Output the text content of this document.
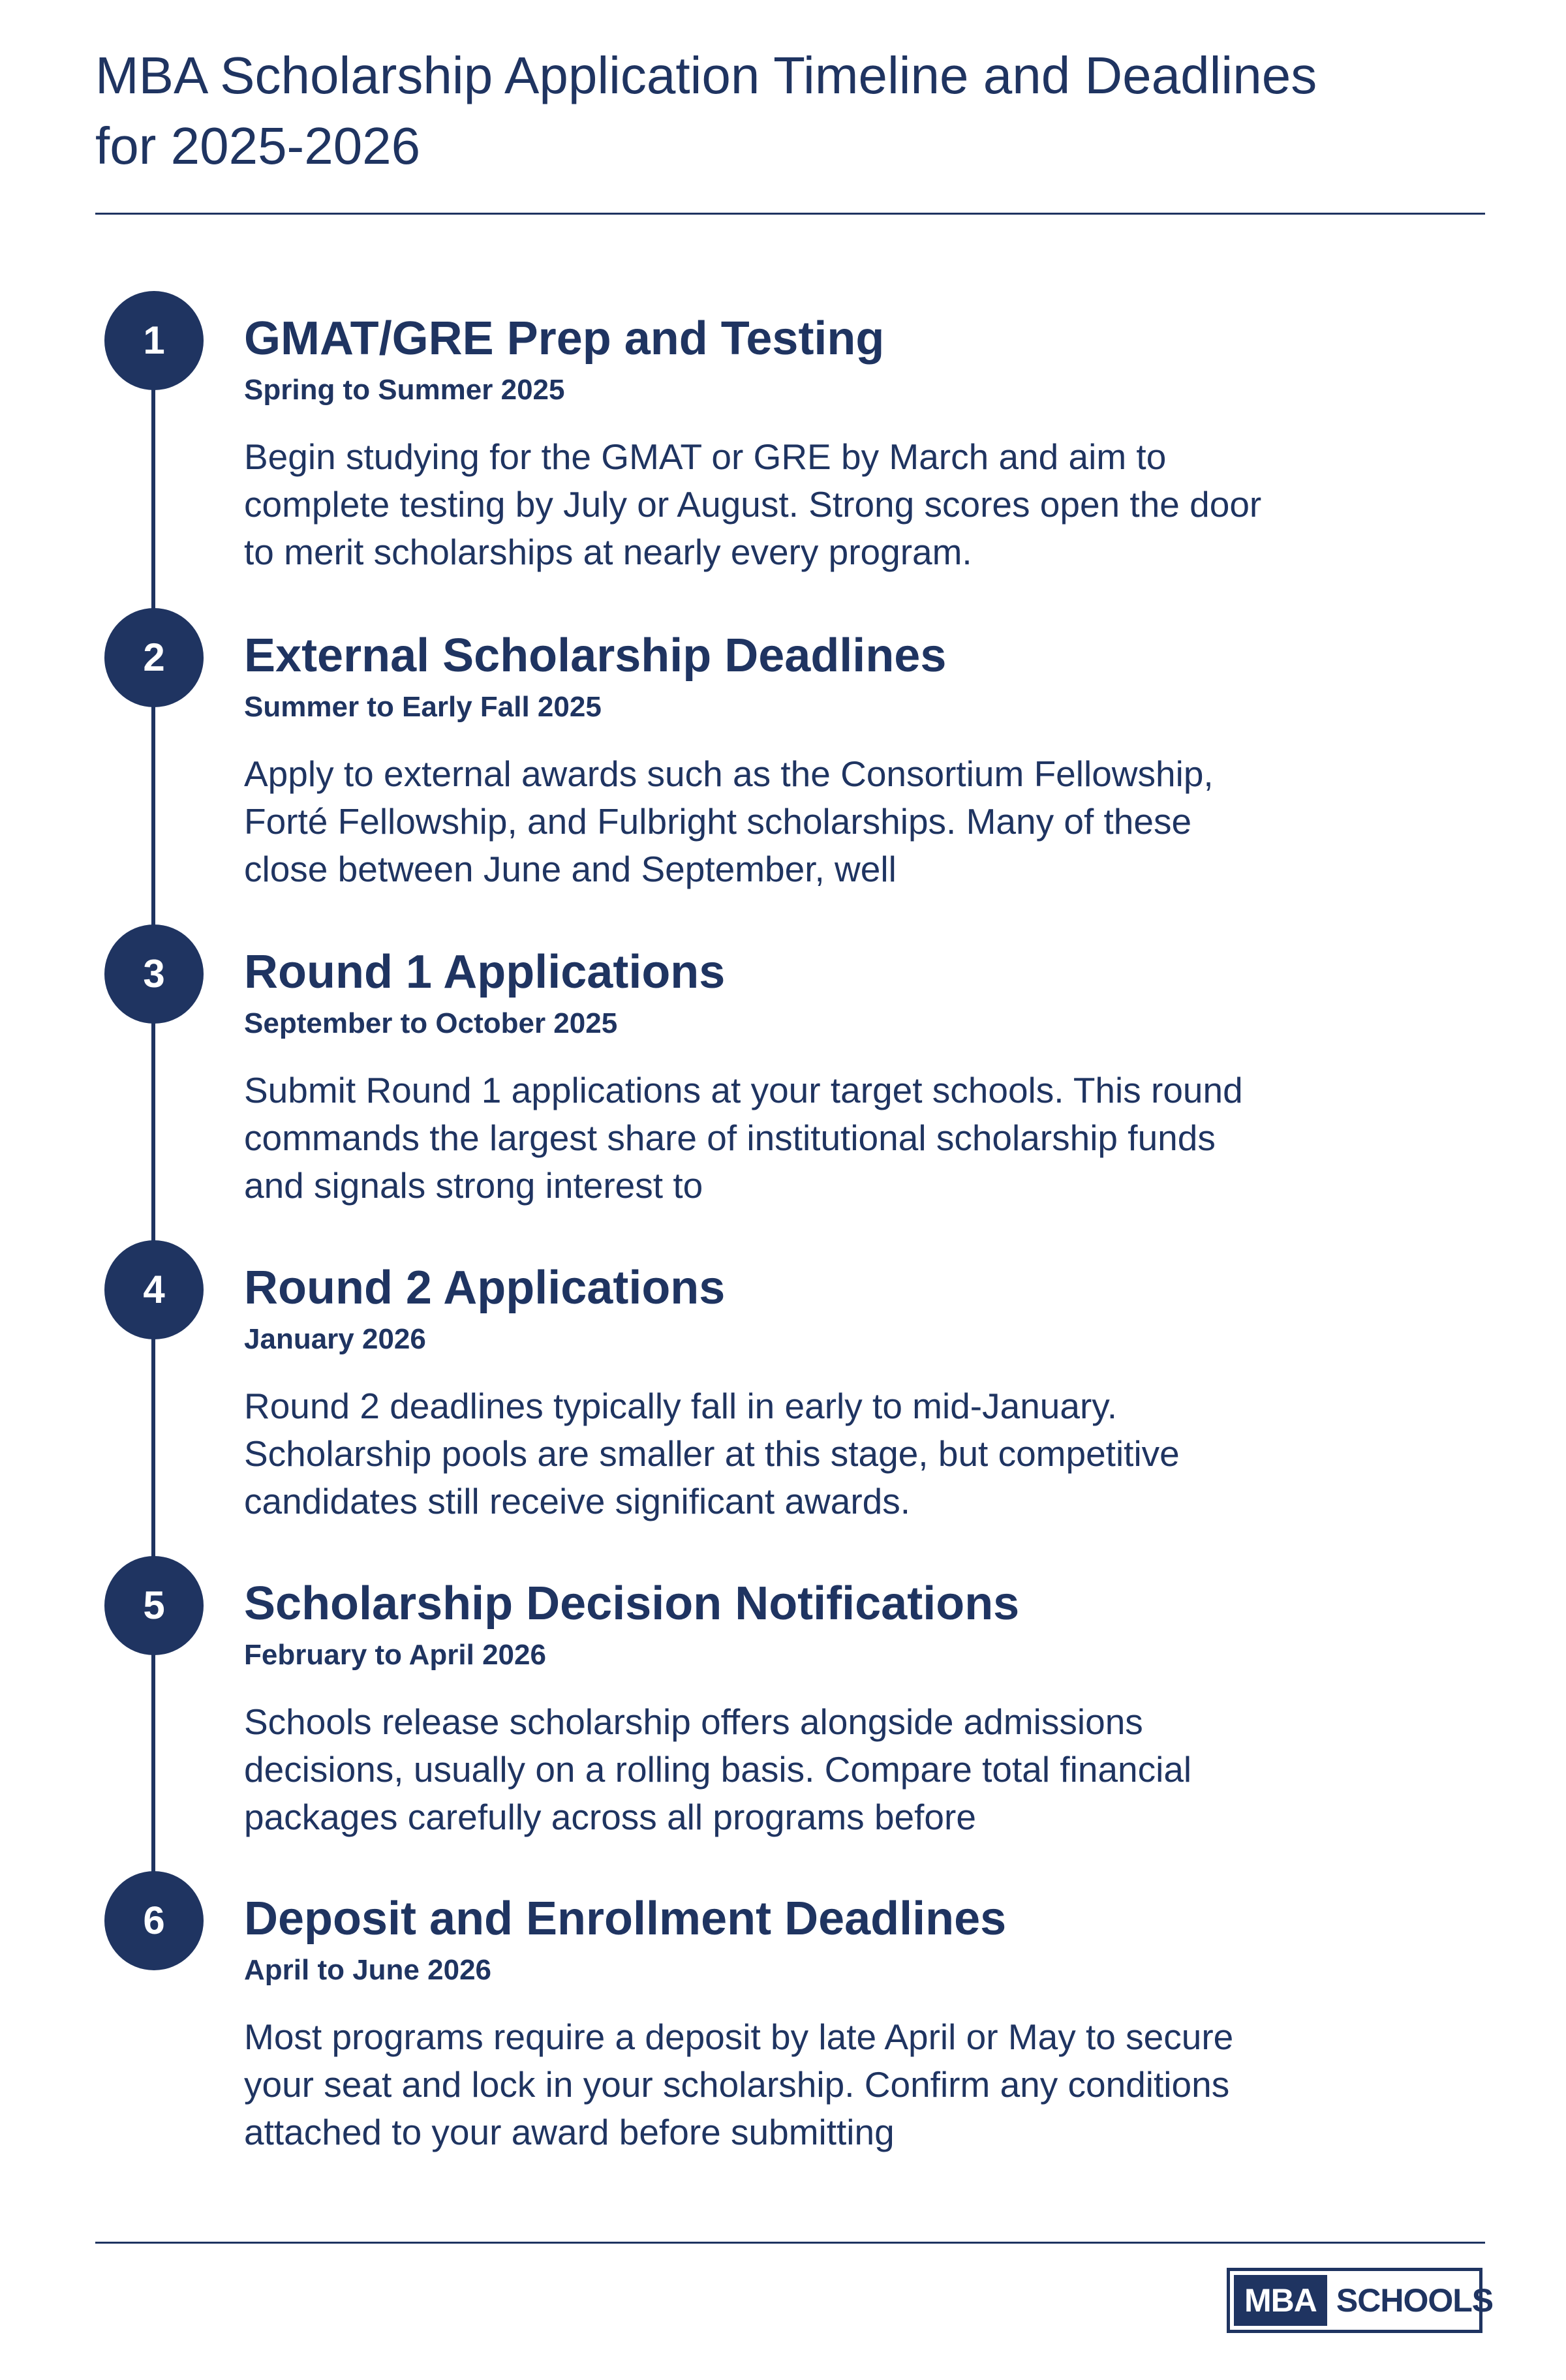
MBA Scholarship Application Timeline and Deadlines for 2025-2026
1	GMAT/GRE Prep and Testing
Spring to Summer 2025
Begin studying for the GMAT or GRE by March and aim to complete testing by July or August. Strong scores open the door to merit scholarships at nearly every program.
2	External Scholarship Deadlines
Summer to Early Fall 2025
Apply to external awards such as the Consortium Fellowship, Forté Fellowship, and Fulbright scholarships. Many of these close between June and September, well
3	Round 1 Applications
September to October 2025
Submit Round 1 applications at your target schools. This round commands the largest share of institutional scholarship funds and signals strong interest to
4	Round 2 Applications
January 2026
Round 2 deadlines typically fall in early to mid-January. Scholarship pools are smaller at this stage, but competitive candidates still receive significant awards.
5	Scholarship Decision Notifications
February to April 2026
Schools release scholarship offers alongside admissions decisions, usually on a rolling basis. Compare total financial packages carefully across all programs before
6	Deposit and Enrollment Deadlines
April to June 2026
Most programs require a deposit by late April or May to secure your seat and lock in your scholarship. Confirm any conditions attached to your award before submitting
MBA SCHOOLS
